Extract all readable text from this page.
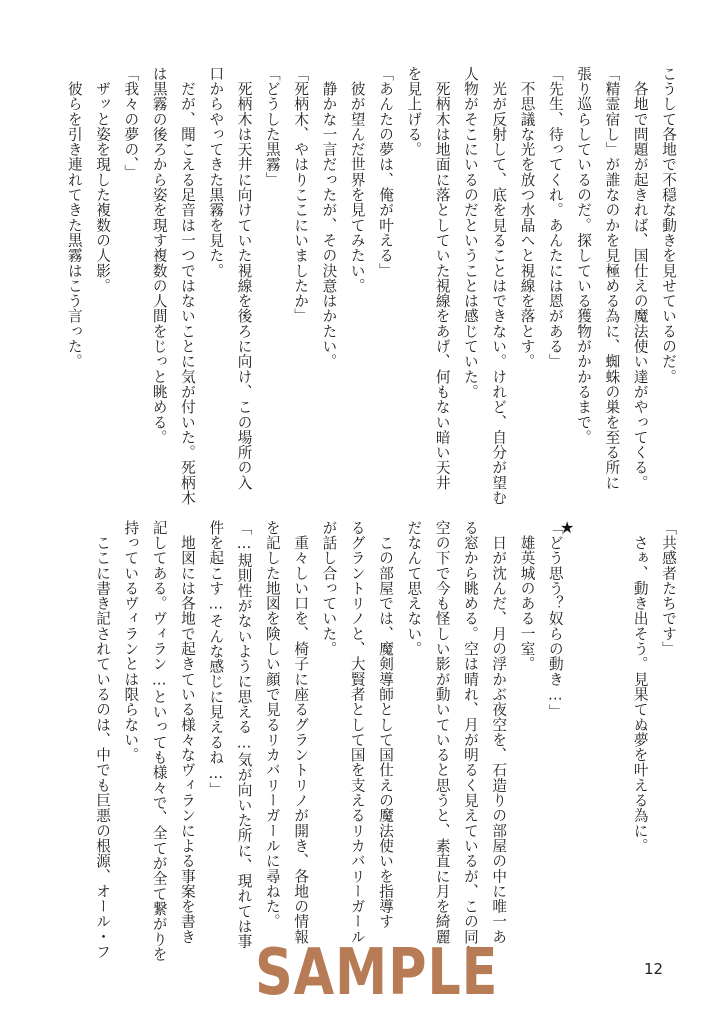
こうして各地で不穏な動きを見せているのだ。
　各地で問題が起きれば、国仕えの魔法使い達がやってくる。
「精霊宿し」が誰なのかを見極める為に、蜘蛛の巣を至る所に
張り巡らしているのだ。探している獲物がかかるまで。
「先生、待ってくれ。あんたには恩がある」
　不思議な光を放つ水晶へと視線を落とす。
　光が反射して、底を見ることはできない。けれど、自分が望む
人物がそこにいるのだということは感じていた。
　死柄木は地面に落としていた視線をあげ、何もない暗い天井
を見上げる。
「あんたの夢は、俺が叶える」
　彼が望んだ世界を見てみたい。
　静かな一言だったが、その決意はかたい。
「死柄木、やはりここにいましたか」
「どうした黒霧」
　死柄木は天井に向けていた視線を後ろに向け、この場所の入
口からやってきた黒霧を見た。
　だが、聞こえる足音は一つではないことに気が付いた。死柄木
は黒霧の後ろから姿を現す複数の人間をじっと眺める。
「我々の夢の、」
　ザッと姿を現した複数の人影。
　彼らを引き連れてきた黒霧はこう言った。
「共感者たちです」
　さぁ、動き出そう。見果てぬ夢を叶える為に。

「どう思う？奴らの動き…」
　雄英城のある一室。
　日が沈んだ、月の浮かぶ夜空を、石造りの部屋の中に唯一あ
る窓から眺める。空は晴れ、月が明るく見えているが、この同じ
空の下で今も怪しい影が動いていると思うと、素直に月を綺麗
だなんて思えない。
　この部屋では、魔剣導師として国仕えの魔法使いを指導す
るグラントリノと、大賢者として国を支えるリカバリーガール
が話し合っていた。
　重々しい口を、椅子に座るグラントリノが開き、各地の情報
を記した地図を険しい顔で見るリカバリーガールに尋ねた。
「…規則性がないように思える…気が向いた所に、現れては事
件を起こす…そんな感じに見えるね…」
　地図には各地で起きている様々なヴィランによる事案を書き
記してある。ヴィラン…といっても様々で、全てが全て繋がりを
持っているヴィランとは限らない。
　ここに書き記されているのは、中でも巨悪の根源、オール・フ	★
SAMPLE	12
